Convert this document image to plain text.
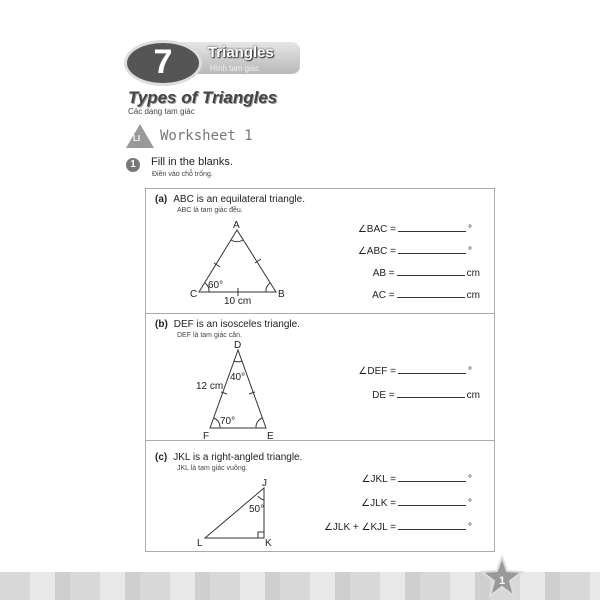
7	Triangles
Hình tam giác
Types of Triangles
Các dạng tam giác
LI Worksheet 1
1	Fill in the blanks.
Điền vào chỗ trống.
(a) ABC is an equilateral triangle.
ABC là tam giác đều.
(b) DEF is an isosceles triangle.
DEF là tam giác cân.
(c) JKL is a right-angled triangle.
JKL là tam giác vuông.
A
B
C
10 cm
60°
D
E
F
12 cm
40°
70°
J
K
L
50°
∠BAC =	°
∠ABC =	°
AB =	cm
AC =	cm
∠DEF =	°
DE =	cm
∠JKL =	°
∠JLK =	°
∠JLK + ∠KJL =	°
1
